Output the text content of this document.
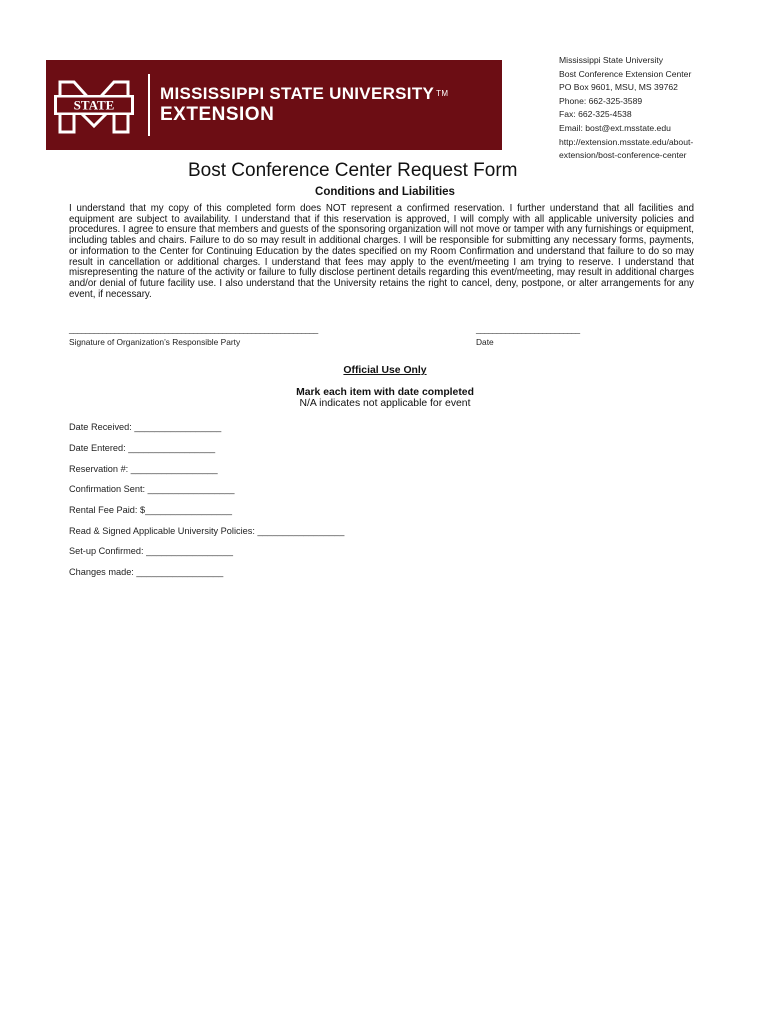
STATE
MISSISSIPPI STATE UNIVERSITY ™
EXTENSION
Mississippi State University
Bost Conference Extension Center
PO Box 9601, MSU, MS 39762
Phone: 662-325-3589
Fax: 662-325-4538
Email: bost@ext.msstate.edu
http://extension.msstate.edu/about-
extension/bost-conference-center
Bost Conference Center Request Form
Conditions and Liabilities
I understand that my copy of this completed form does NOT represent a confirmed reservation. I further understand that all facilities and equipment are subject to availability. I understand that if this reservation is approved, I will comply with all applicable university policies and procedures. I agree to ensure that members and guests of the sponsoring organization will not move or tamper with any furnishings or equipment, including tables and chairs. Failure to do so may result in additional charges. I will be responsible for submitting any necessary forms, payments, or information to the Center for Continuing Education by the dates specified on my Room Confirmation and understand that failure to do so may result in cancellation or additional charges. I understand that fees may apply to the event/meeting I am trying to reserve. I understand that misrepresenting the nature of the activity or failure to fully disclose pertinent details regarding this event/meeting, may result in additional charges and/or denial of future facility use. I also understand that the University retains the right to cancel, deny, postpone, or alter arrangements for any event, if necessary.
____________________________________________________________
Signature of Organization’s Responsible Party
_________________________
Date
Official Use Only
Mark each item with date completed
N/A indicates not applicable for event
Date Received: _________________
Date Entered: _________________
Reservation #: _________________
Confirmation Sent: _________________
Rental Fee Paid: $_________________
Read & Signed Applicable University Policies: _________________
Set-up Confirmed: _________________
Changes made: _________________
